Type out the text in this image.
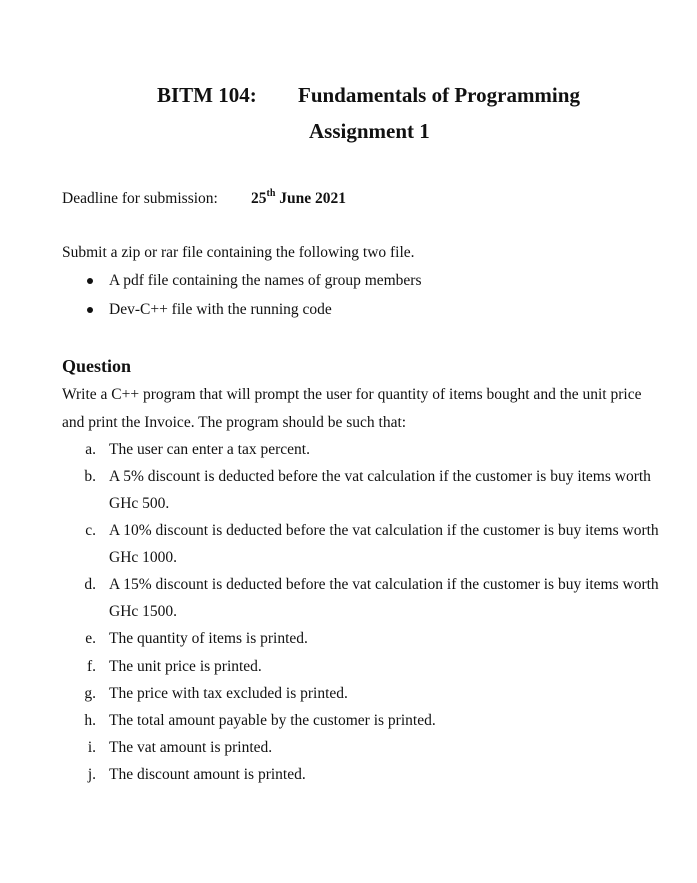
BITM 104: Fundamentals of Programming
Assignment 1
Deadline for submission: 25th June 2021
Submit a zip or rar file containing the following two file.
A pdf file containing the names of group members
Dev-C++ file with the running code
Question
Write a C++ program that will prompt the user for quantity of items bought and the unit price
and print the Invoice. The program should be such that:
a. The user can enter a tax percent.
b. A 5% discount is deducted before the vat calculation if the customer is buy items worth
GHc 500.
c. A 10% discount is deducted before the vat calculation if the customer is buy items worth
GHc 1000.
d. A 15% discount is deducted before the vat calculation if the customer is buy items worth
GHc 1500.
e. The quantity of items is printed.
f. The unit price is printed.
g. The price with tax excluded is printed.
h. The total amount payable by the customer is printed.
i. The vat amount is printed.
j. The discount amount is printed.
